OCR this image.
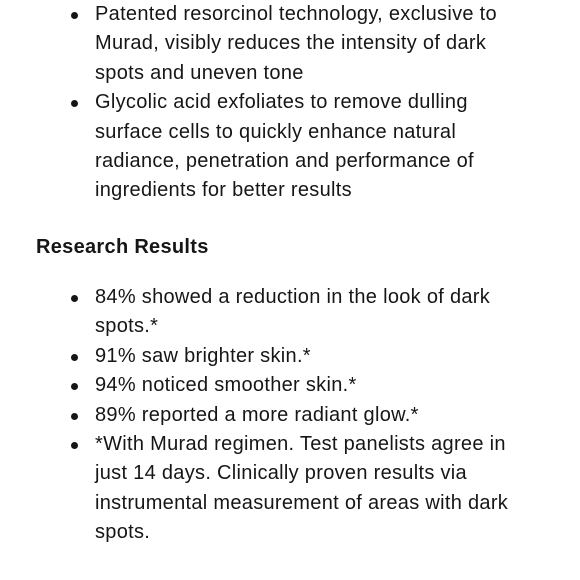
Patented resorcinol technology, exclusive to Murad, visibly reduces the intensity of dark spots and uneven tone
Glycolic acid exfoliates to remove dulling surface cells to quickly enhance natural radiance, penetration and performance of ingredients for better results
Research Results
84% showed a reduction in the look of dark spots.*
91% saw brighter skin.*
94% noticed smoother skin.*
89% reported a more radiant glow.*
*With Murad regimen. Test panelists agree in just 14 days. Clinically proven results via instrumental measurement of areas with dark spots.
